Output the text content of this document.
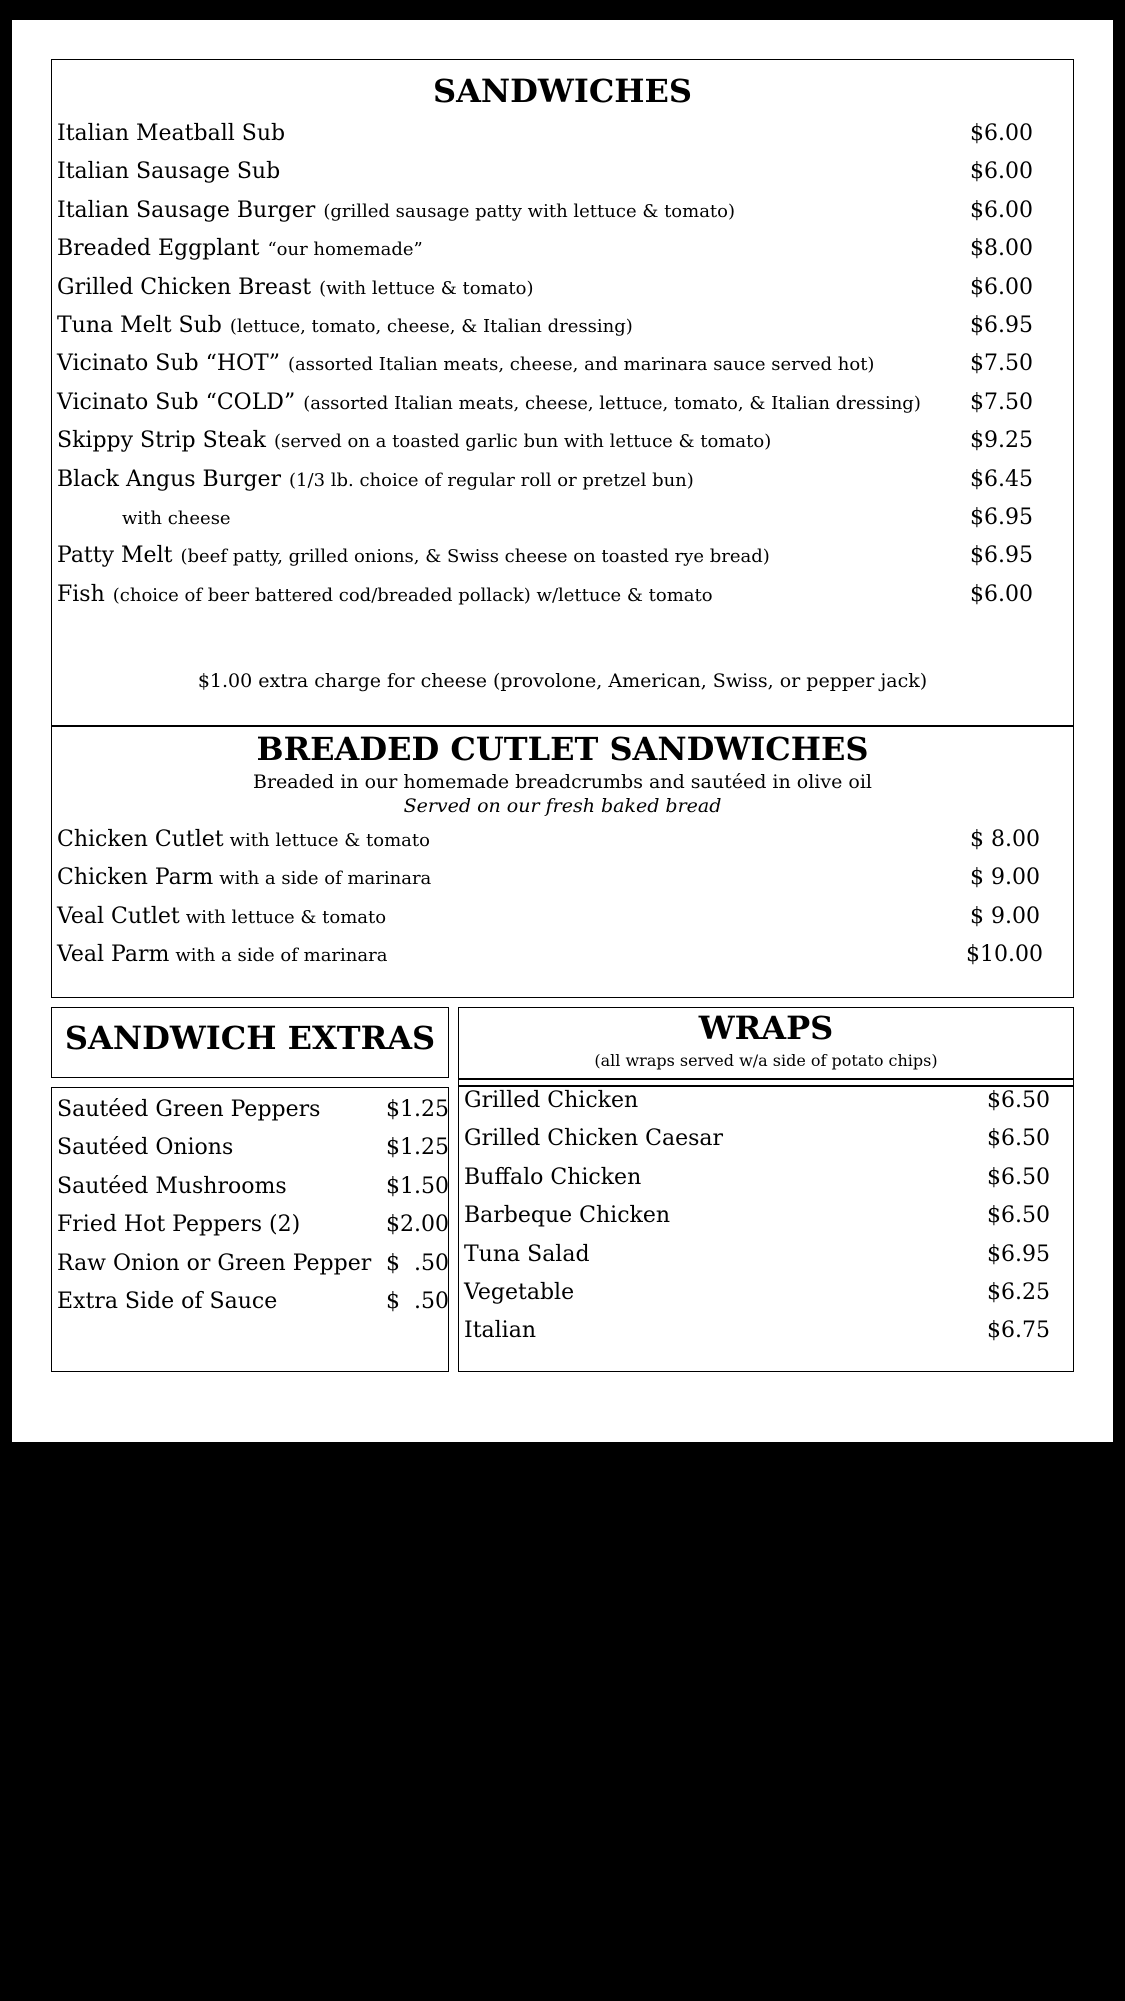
SANDWICHES
Italian Meatball Sub	$6.00
Italian Sausage Sub	$6.00
Italian Sausage Burger (grilled sausage patty with lettuce & tomato)	$6.00
Breaded Eggplant “our homemade”	$8.00
Grilled Chicken Breast (with lettuce & tomato)	$6.00
Tuna Melt Sub (lettuce, tomato, cheese, & Italian dressing)	$6.95
Vicinato Sub “HOT” (assorted Italian meats, cheese, and marinara sauce served hot)	$7.50
Vicinato Sub “COLD” (assorted Italian meats, cheese, lettuce, tomato, & Italian dressing) $7.50
Skippy Strip Steak (served on a toasted garlic bun with lettuce & tomato)	$9.25
Black Angus Burger (1/3 lb. choice of regular roll or pretzel bun)	$6.45
with cheese	$6.95
Patty Melt (beef patty, grilled onions, & Swiss cheese on toasted rye bread)	$6.95
Fish (choice of beer battered cod/breaded pollack) w/lettuce & tomato	$6.00
$1.00 extra charge for cheese (provolone, American, Swiss, or pepper jack)
BREADED CUTLET SANDWICHES
Breaded in our homemade breadcrumbs and sautéed in olive oil
Served on our fresh baked bread
Chicken Cutlet with lettuce & tomato	$ 8.00
Chicken Parm with a side of marinara	$ 9.00
Veal Cutlet with lettuce & tomato	$ 9.00
Veal Parm with a side of marinara	$10.00
SANDWICH EXTRAS
Sautéed Green Peppers	$1.25
Sautéed Onions	$1.25
Sautéed Mushrooms	$1.50
Fried Hot Peppers (2)	$2.00
Raw Onion or Green Pepper $  .50
Extra Side of Sauce	$  .50
WRAPS
(all wraps served w/a side of potato chips)
Grilled Chicken	$6.50
Grilled Chicken Caesar	$6.50
Buffalo Chicken	$6.50
Barbeque Chicken	$6.50
Tuna Salad	$6.95
Vegetable	$6.25
Italian	$6.75
